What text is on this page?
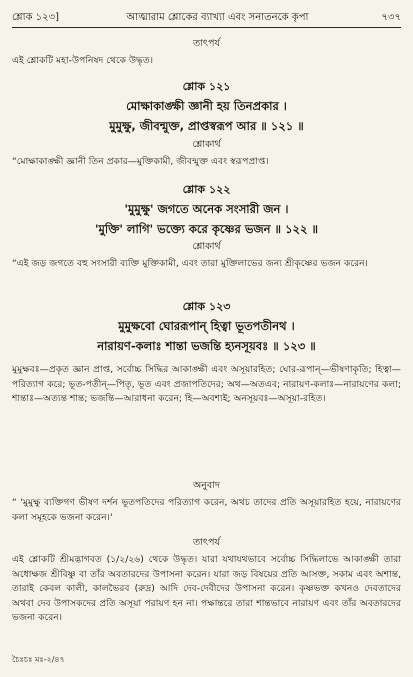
শ্লোক ১২৩]	আত্মারাম শ্লোকের ব্যাখ্যা এবং সনাতনকে কৃপা	৭৩৭
তাৎপর্য
এই শ্লোকটি মহা-উপনিষদ থেকে উদ্ধৃত।
শ্লোক ১২১
মোক্ষাকাঙ্ক্ষী জ্ঞানী হয় তিনপ্রকার ।
মুমুক্ষু, জীবন্মুক্ত, প্রাপ্তস্বরূপ আর ॥ ১২১ ॥
শ্লোকার্থ
“মোক্ষাকাঙ্ক্ষী জ্ঞানী তিন প্রকার—মুক্তিকামী, জীবন্মুক্ত এবং স্বরূপপ্রাপ্ত।
শ্লোক ১২২
'মুমুক্ষু' জগতে অনেক সংসারী জন ।
'মুক্তি' লাগি' ভক্ত্যে করে কৃষ্ণের ভজন ॥ ১২২ ॥
শ্লোকার্থ
“এই জড় জগতে বহু সংসারী ব্যক্তি মুক্তিকামী, এবং তারা মুক্তিলাভের জন্য শ্রীকৃষ্ণের ভজন করেন।
শ্লোক ১২৩
মুমুক্ষবো ঘোররূপান্ হিত্বা ভূতপতীনথ ।
নারায়ণ-কলাঃ শান্তা ভজন্তি হ্যনসূয়বঃ ॥ ১২৩ ॥
মুমুক্ষবঃ—প্রকৃত জ্ঞান প্রাপ্ত, সর্বোচ্চ সিদ্ধির আকাঙ্ক্ষী এবং অসূয়ারহিত; ঘোর-রূপান্—ভীষণাকৃতি; হিত্বা—পরিত্যাগ করে; ভূত-পতীন্—পিতৃ, ভূত এবং প্রজাপতিদের; অথ—অতএব; নারায়ণ-কলাঃ—নারায়ণের কলা; শান্তাঃ—অত্যন্ত শান্ত; ভজন্তি—আরাধনা করেন; হি—অবশ্যই; অনসূয়বঃ—অসূয়া-রহিত।
অনুবাদ
“ 'মুমুক্ষু ব্যক্তিগণ ভীষণ দর্শন ভূতপতিদের পরিত্যাগ করেন, অথচ তাদের প্রতি অসূয়ারহিত হয়ে, নারায়ণের কলা সমূহকে ভজনা করেন।'
তাৎপর্য
এই শ্লোকটি শ্রীমদ্ভাগবত (১/২/২৬) থেকে উদ্ধৃত। যারা যথাযথভাবে সর্বোচ্চ সিদ্ধিলাভে আকাঙ্ক্ষী তারা অধোক্ষজ শ্রীবিষ্ণু বা তাঁর অবতারদের উপাসনা করেন। যারা জড় বিষয়ের প্রতি আসক্ত, সকাম এবং অশান্ত, তারাই কেবল কালী, কালভৈরব (রুদ্র) আদি দেব-দেবীদের উপাসনা করেন। কৃষ্ণভক্ত কখনও দেবতাদের অথবা দেব উপাসকদের প্রতি অসূয়া পরায়ণ হন না। পক্ষান্তরে তারা শান্তভাবে নারায়ণ এবং তাঁর অবতারদের ভজনা করেন।
চৈঃচঃ মঃ-২/৪৭
